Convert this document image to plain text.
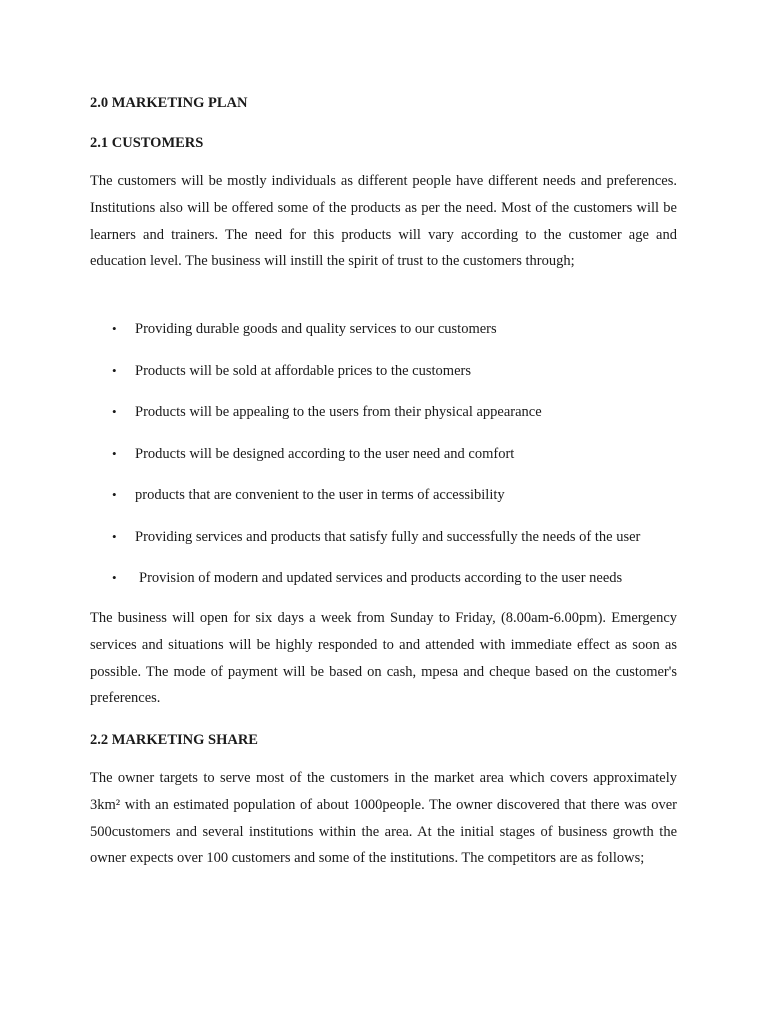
2.0 MARKETING PLAN
2.1 CUSTOMERS
The customers will be mostly individuals as different people have different needs and preferences. Institutions also will be offered some of the products as per the need. Most of the customers will be learners and trainers. The need for this products will vary according to the customer age and education level. The business will instill the spirit of trust to the customers through;
• Providing durable goods and quality services to our customers
• Products will be sold at affordable prices to the customers
• Products will be appealing to the users from their physical appearance
• Products will be designed according to the user need and comfort
• products that are convenient to the user in terms of accessibility
• Providing services and products that satisfy fully and successfully the needs of the user
• Provision of modern and updated services and products according to the user needs
The business will open for six days a week from Sunday to Friday, (8.00am-6.00pm). Emergency services and situations will be highly responded to and attended with immediate effect as soon as possible. The mode of payment will be based on cash, mpesa and cheque based on the customer's preferences.
2.2 MARKETING SHARE
The owner targets to serve most of the customers in the market area which covers approximately 3km² with an estimated population of about 1000people. The owner discovered that there was over 500customers and several institutions within the area. At the initial stages of business growth the owner expects over 100 customers and some of the institutions. The competitors are as follows;
